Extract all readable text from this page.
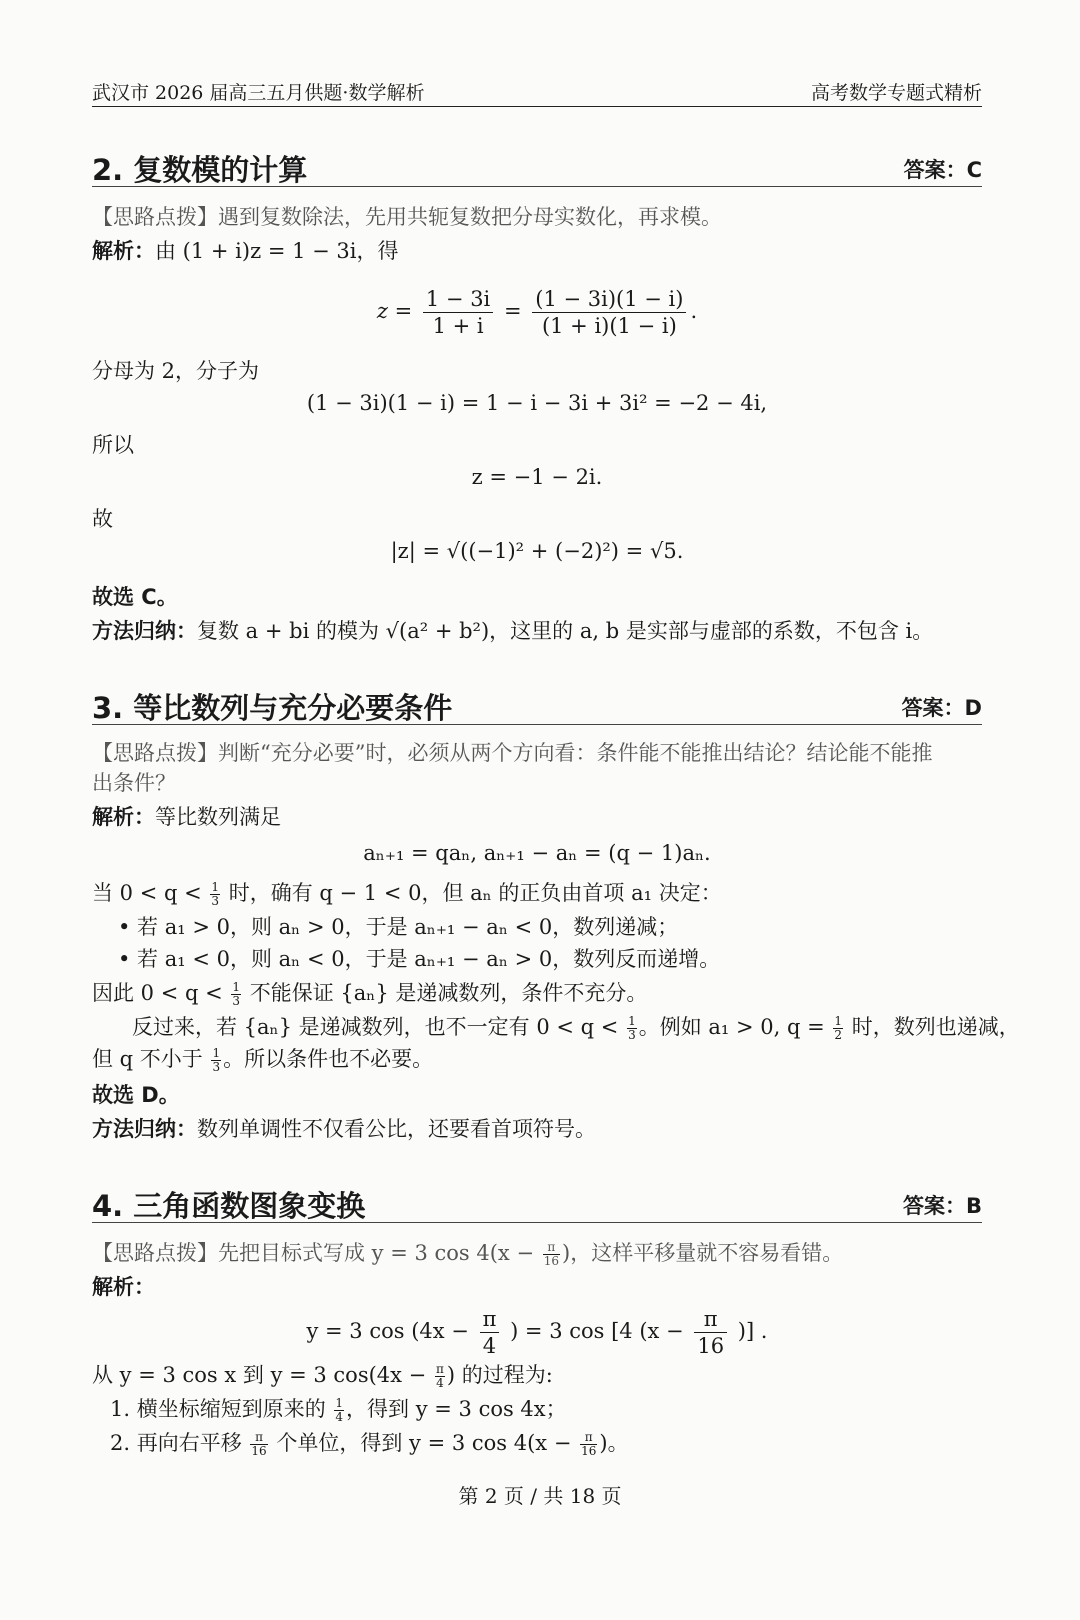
武汉市 2026 届高三五月供题·数学解析	高考数学专题式精析
2. 复数模的计算	答案：C
【思路点拨】遇到复数除法，先用共轭复数把分母实数化，再求模。
解析：由 (1 + i)z = 1 − 3i，得
$z = \frac{1 - 3i}{1 + i} = \frac{(1 - 3i)(1 - i)}{(1 + i)(1 - i)}$ .
分母为 2，分子为
(1 − 3i)(1 − i) = 1 − i − 3i + 3i² = −2 − 4i,
所以
z = −1 − 2i.
故
|z| = √((−1)² + (−2)²) = √5.
故选 C。
方法归纳：复数 a + bi 的模为 √(a² + b²)，这里的 a, b 是实部与虚部的系数，不包含 i。
3. 等比数列与充分必要条件	答案：D
【思路点拨】判断“充分必要”时，必须从两个方向看：条件能不能推出结论？结论能不能推
出条件？
解析：等比数列满足
aₙ₊₁ = qaₙ, aₙ₊₁ − aₙ = (q − 1)aₙ.
当 $0 < q < \frac{1}{3}$ 时，确有 q − 1 < 0，但 aₙ 的正负由首项 a₁ 决定：
• 若 a₁ > 0，则 aₙ > 0，于是 aₙ₊₁ − aₙ < 0，数列递减；
• 若 a₁ < 0，则 aₙ < 0，于是 aₙ₊₁ − aₙ > 0，数列反而递增。
因此 $0 < q < \frac{1}{3}$ 不能保证 {aₙ} 是递减数列，条件不充分。
反过来，若 {aₙ} 是递减数列，也不一定有 $0 < q < \frac{1}{3}$ 。例如 a₁ > 0, $q = \frac{1}{2}$ 时，数列也递减，
但 q 不小于 $\frac{1}{3}$ 。所以条件也不必要。
故选 D。
方法归纳：数列单调性不仅看公比，还要看首项符号。
4. 三角函数图象变换	答案：B
【思路点拨】先把目标式写成 y = 3 $\cos 4(x - \frac{\pi}{16}$ )，这样平移量就不容易看错。
解析：
y = 3 $\cos (4x - \frac{\pi}{4}$ ) = 3 cos [4 ($x - \frac{\pi}{16}$ )] .
从 y = 3 cos x 到 y = 3 $\cos(4x - \frac{\pi}{4}$ ) 的过程为:
1. 横坐标缩短到原来的 $\frac{1}{4}$ ，得到 y = 3 cos 4x；
2. 再向右平移 $\frac{\pi}{16}$ 个单位，得到 y = 3 $\cos 4(x - \frac{\pi}{16}$ )。
第 2 页 / 共 18 页
